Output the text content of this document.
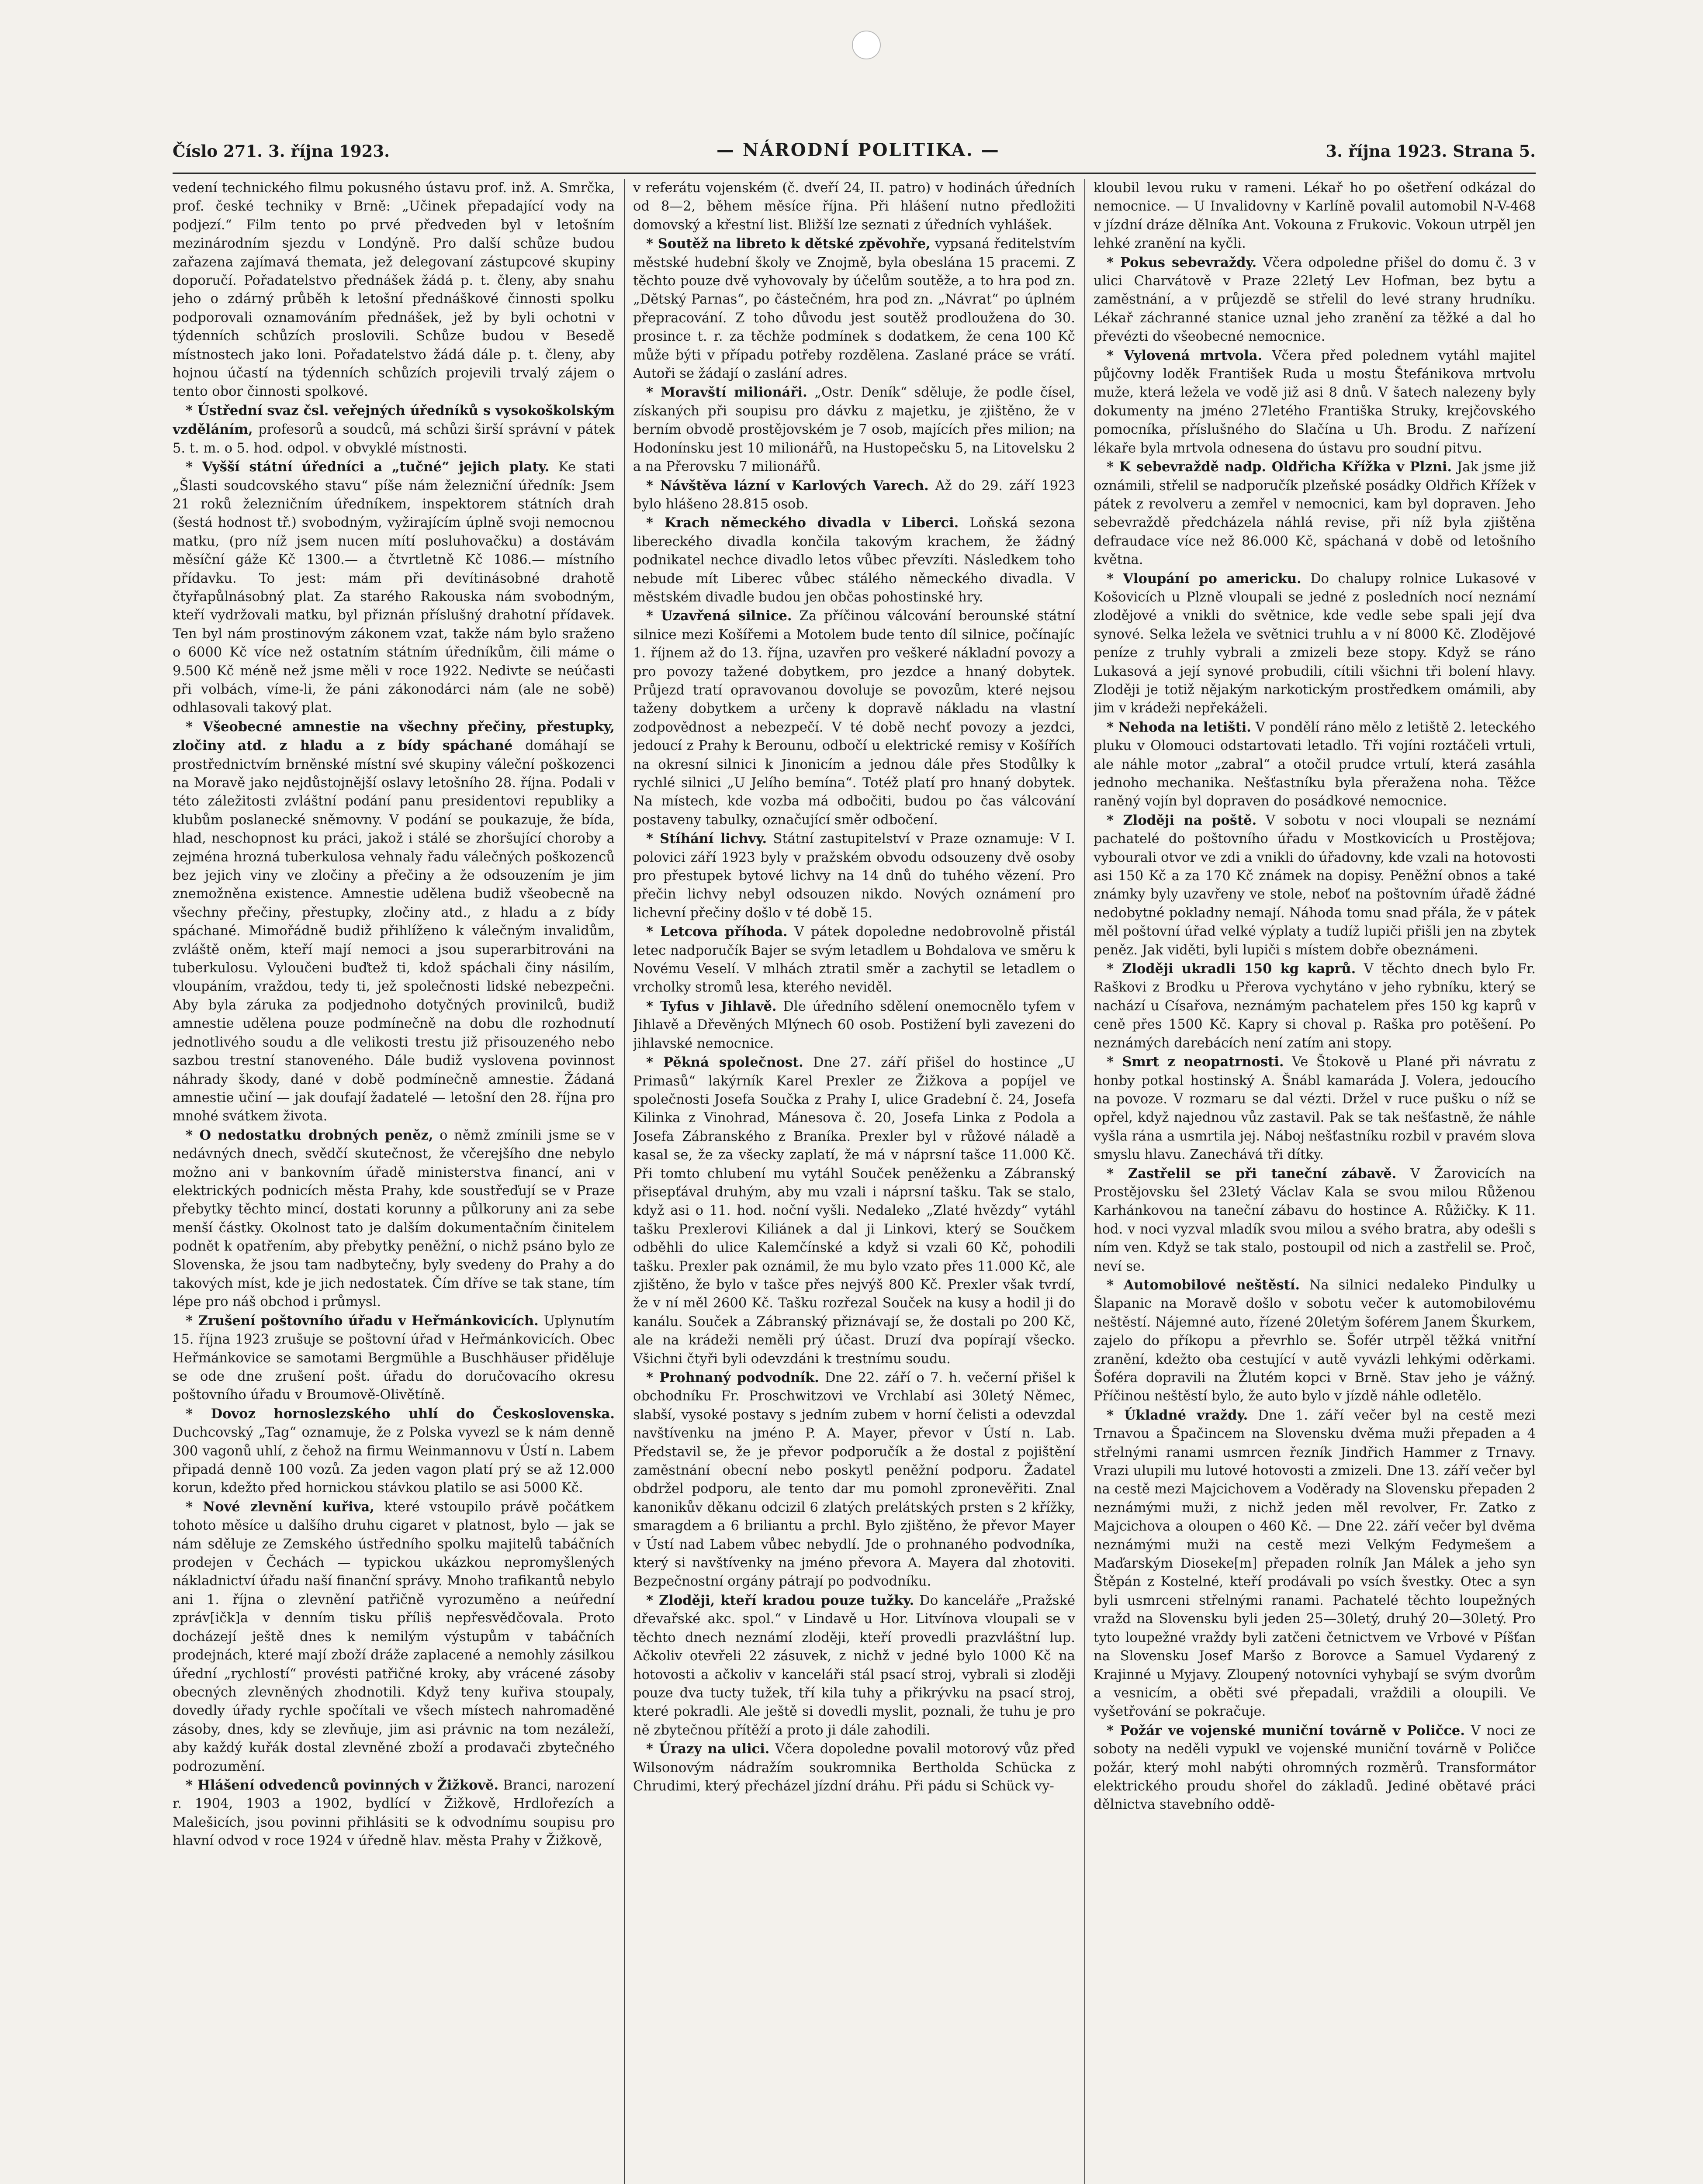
Číslo 271. 3. října 1923.	— NÁRODNÍ POLITIKA. —	3. října 1923. Strana 5.

vedení technického filmu pokusného ústavu prof. inž. A. Smrčka, prof. české techniky v Brně: „Učinek přepadající vody na podjezí.“ Film tento po prvé předveden byl v letošním mezinárodním sjezdu v Londýně. Pro další schůze budou zařazena zajímavá themata, jež delegovaní zástupcové skupiny doporučí. Pořadatelstvo přednášek žádá p. t. členy, aby snahu jeho o zdárný průběh k letošní přednáškové činnosti spolku podporovali oznamováním přednášek, jež by byli ochotni v týdenních schůzích proslovili. Schůze budou v Besedě místnostech jako loni. Pořadatelstvo žádá dále p. t. členy, aby hojnou účastí na týdenních schůzích projevili trvalý zájem o tento obor činnosti spolkové.

* Ústřední svaz čsl. veřejných úředníků s vysokoškolským vzděláním, profesorů a soudců, má schůzi širší správní v pátek 5. t. m. o 5. hod. odpol. v obvyklé místnosti.

* Vyšší státní úředníci a „tučné“ jejich platy. Ke stati „Šlasti soudcovského stavu“ píše nám železniční úředník: Jsem 21 roků železničním úředníkem, inspektorem státních drah (šestá hodnost tř.) svobodným, vyžirajícím úplně svoji nemocnou matku, (pro níž jsem nucen mítí posluhovačku) a dostávám měsíční gáže Kč 1300.— a čtvrtletně Kč 1086.— místního přídavku. To jest: mám při devítinásobné drahotě čtyřapůlnásobný plat. Za starého Rakouska nám svobodným, kteří vydržovali matku, byl přiznán příslušný drahotní přídavek. Ten byl nám prostinovým zákonem vzat, takže nám bylo sraženo o 6000 Kč více než ostatním státním úředníkům, čili máme o 9.500 Kč méně než jsme měli v roce 1922. Nedivte se neúčasti při volbách, víme-li, že páni zákonodárci nám (ale ne sobě) odhlasovali takový plat.

* Všeobecné amnestie na všechny přečiny, přestupky, zločiny atd. z hladu a z bídy spáchané domáhají se prostřednictvím brněnské místní své skupiny váleční poškozenci na Moravě jako nejdůstojnější oslavy letošního 28. října. Podali v této záležitosti zvláštní podání panu presidentovi republiky a klubům poslanecké sněmovny. V podání se poukazuje, že bída, hlad, neschopnost ku práci, jakož i stálé se zhoršující choroby a zejména hrozná tuberkulosa vehnaly řadu válečných poškozenců bez jejich viny ve zločiny a přečiny a že odsouzením je jim znemožněna existence. Amnestie udělena budiž všeobecně na všechny přečiny, přestupky, zločiny atd., z hladu a z bídy spáchané. Mimořádně budiž přihlíženo k válečným invalidům, zvláště oněm, kteří mají nemoci a jsou superarbitrováni na tuberkulosu. Vyloučeni buďtež ti, kdož spáchali činy násilím, vloupáním, vraždou, tedy ti, jež společnosti lidské nebezpečni. Aby byla záruka za podjednoho dotyčných provinilců, budiž amnestie udělena pouze podmínečně na dobu dle rozhodnutí jednotlivého soudu a dle velikosti trestu již přisouzeného nebo sazbou trestní stanoveného. Dále budiž vyslovena povinnost náhrady škody, dané v době podmínečně amnestie. Žádaná amnestie učiní — jak doufají žadatelé — letošní den 28. října pro mnohé svátkem života.

* O nedostatku drobných peněz, o němž zmínili jsme se v nedávných dnech, svědčí skutečnost, že včerejšího dne nebylo možno ani v bankovním úřadě ministerstva financí, ani v elektrických podnicích města Prahy, kde soustřeďují se v Praze přebytky těchto mincí, dostati korunny a půlkoruny ani za sebe menší částky. Okolnost tato je dalším dokumentačním činitelem podnět k opatřením, aby přebytky peněžní, o nichž psáno bylo ze Slovenska, že jsou tam nadbytečny, byly svedeny do Prahy a do takových míst, kde je jich nedostatek. Čím dříve se tak stane, tím lépe pro náš obchod i průmysl.

* Zrušení poštovního úřadu v Heřmánkovicích. Uplynutím 15. října 1923 zrušuje se poštovní úřad v Heřmánkovicích. Obec Heřmánkovice se samotami Bergmühle a Buschhäuser přiděluje se ode dne zrušení pošt. úřadu do doručovacího okresu poštovního úřadu v Broumově-Olivětíně.

* Dovoz hornoslezského uhlí do Československa. Duchcovský „Tag“ oznamuje, že z Polska vyvezl se k nám denně 300 vagonů uhlí, z čehož na firmu Weinmannovu v Ústí n. Labem připadá denně 100 vozů. Za jeden vagon platí prý se až 12.000 korun, kdežto před hornickou stávkou platilo se asi 5000 Kč.

* Nové zlevnění kuřiva, které vstoupilo právě počátkem tohoto měsíce u dalšího druhu cigaret v platnost, bylo — jak se nám sděluje ze Zemského ústředního spolku majitelů tabáčních prodejen v Čechách — typickou ukázkou nepromyšlených nákladnictví úřadu naší finanční správy. Mnoho trafikantů nebylo ani 1. října o zlevnění patřičně vyrozuměno a neúřední zpráv[ičk]a v denním tisku příliš nepřesvědčovala. Proto docházejí ještě dnes k nemilým výstupům v tabáčních prodejnách, které mají zboží dráže zaplacené a nemohly zásilkou úřední „rychlostí“ provésti patřičné kroky, aby vrácené zásoby obecných zlevněných zhodnotili. Když teny kuřiva stoupaly, dovedly úřady rychle spočítali ve všech místech nahromaděné zásoby, dnes, kdy se zlevňuje, jim asi právnic na tom nezáleží, aby každý kuřák dostal zlevněné zboží a prodavači zbytečného podrozumění.

* Hlášení odvedenců povinných v Žižkově. Branci, narození r. 1904, 1903 a 1902, bydlící v Žižkově, Hrdlořezích a Malešicích, jsou povinni přihlásiti se k odvodnímu soupisu pro hlavní odvod v roce 1924 v úředně hlav. města Prahy v Žižkově,

v referátu vojenském (č. dveří 24, II. patro) v hodinách úředních od 8—2, během měsíce října. Při hlášení nutno předložiti domovský a křestní list. Bližší lze seznati z úředních vyhlášek.

* Soutěž na libreto k dětské zpěvohře, vypsaná ředitelstvím městské hudební školy ve Znojmě, byla obeslána 15 pracemi. Z těchto pouze dvě vyhovovaly by účelům soutěže, a to hra pod zn. „Dětský Parnas“, po částečném, hra pod zn. „Návrat“ po úplném přepracování. Z toho důvodu jest soutěž prodloužena do 30. prosince t. r. za těchže podmínek s dodatkem, že cena 100 Kč může býti v případu potřeby rozdělena. Zaslané práce se vrátí. Autoři se žádají o zaslání adres.

* Moravští milionáři. „Ostr. Deník“ sděluje, že podle čísel, získaných při soupisu pro dávku z majetku, je zjištěno, že v berním obvodě prostějovském je 7 osob, majících přes milion; na Hodonínsku jest 10 milionářů, na Hustopečsku 5, na Litovelsku 2 a na Přerovsku 7 milionářů.

* Návštěva lázní v Karlových Varech. Až do 29. září 1923 bylo hlášeno 28.815 osob.

* Krach německého divadla v Liberci. Loňská sezona libereckého divadla končila takovým krachem, že žádný podnikatel nechce divadlo letos vůbec převzíti. Následkem toho nebude mít Liberec vůbec stálého německého divadla. V městském divadle budou jen občas pohostinské hry.

* Uzavřená silnice. Za příčinou válcování berounské státní silnice mezi Košířemi a Motolem bude tento díl silnice, počínajíc 1. říjnem až do 13. října, uzavřen pro veškeré nákladní povozy a pro povozy tažené dobytkem, pro jezdce a hnaný dobytek. Průjezd tratí opravovanou dovoluje se povozům, které nejsou taženy dobytkem a určeny k dopravě nákladu na vlastní zodpovědnost a nebezpečí. V té době nechť povozy a jezdci, jedoucí z Prahy k Berounu, odbočí u elektrické remisy v Košířích na okresní silnici k Jinonicím a jednou dále přes Stodůlky k rychlé silnici „U Jelího bemína“. Totéž platí pro hnaný dobytek. Na místech, kde vozba má odbočiti, budou po čas válcování postaveny tabulky, označující směr odbočení.

* Stíhání lichvy. Státní zastupitelství v Praze oznamuje: V I. polovici září 1923 byly v pražském obvodu odsouzeny dvě osoby pro přestupek bytové lichvy na 14 dnů do tuhého vězení. Pro přečin lichvy nebyl odsouzen nikdo. Nových oznámení pro lichevní přečiny došlo v té době 15.

* Letcova příhoda. V pátek dopoledne nedobrovolně přistál letec nadporučík Bajer se svým letadlem u Bohdalova ve směru k Novému Veselí. V mlhách ztratil směr a zachytil se letadlem o vrcholky stromů lesa, kterého neviděl.

* Tyfus v Jihlavě. Dle úředního sdělení onemocnělo tyfem v Jihlavě a Dřevěných Mlýnech 60 osob. Postižení byli zavezeni do jihlavské nemocnice.

* Pěkná společnost. Dne 27. září přišel do hostince „U Primasů“ lakýrník Karel Prexler ze Žižkova a popíjel ve společnosti Josefa Součka z Prahy I, ulice Gradební č. 24, Josefa Kilinka z Vinohrad, Mánesova č. 20, Josefa Linka z Podola a Josefa Zábranského z Braníka. Prexler byl v růžové náladě a kasal se, že za všecky zaplatí, že má v náprsní tašce 11.000 Kč. Při tomto chlubení mu vytáhl Souček peněženku a Zábranský přisepťával druhým, aby mu vzali i náprsní tašku. Tak se stalo, když asi o 11. hod. noční vyšli. Nedaleko „Zlaté hvězdy“ vytáhl tašku Prexlerovi Kiliánek a dal ji Linkovi, který se Součkem odběhli do ulice Kalemčínské a když si vzali 60 Kč, pohodili tašku. Prexler pak oznámil, že mu bylo vzato přes 11.000 Kč, ale zjištěno, že bylo v tašce přes nejvýš 800 Kč. Prexler však tvrdí, že v ní měl 2600 Kč. Tašku rozřezal Souček na kusy a hodil ji do kanálu. Souček a Zábranský přiznávají se, že dostali po 200 Kč, ale na krádeži neměli prý účast. Druzí dva popírají všecko. Všichni čtyři byli odevzdáni k trestnímu soudu.

* Prohnaný podvodník. Dne 22. září o 7. h. večerní přišel k obchodníku Fr. Proschwitzovi ve Vrchlabí asi 30letý Němec, slabší, vysoké postavy s jedním zubem v horní čelisti a odevzdal navštívenku na jméno P. A. Mayer, převor v Ústí n. Lab. Představil se, že je převor podporučík a že dostal z pojištění zaměstnání obecní nebo poskytl peněžní podporu. Žadatel obdržel podporu, ale tento dar mu pomohl zpronevěřiti. Znal kanonikův děkanu odcizil 6 zlatých prelátských prsten s 2 křížky, smaragdem a 6 briliantu a prchl. Bylo zjištěno, že převor Mayer v Ústí nad Labem vůbec nebydlí. Jde o prohnaného podvodníka, který si navštívenky na jméno převora A. Mayera dal zhotoviti. Bezpečnostní orgány pátrají po podvodníku.

* Zloději, kteří kradou pouze tužky. Do kanceláře „Pražské dřevařské akc. spol.“ v Lindavě u Hor. Litvínova vloupali se v těchto dnech neznámí zloději, kteří provedli prazvláštní lup. Ačkoliv otevřeli 22 zásuvek, z nichž v jedné bylo 1000 Kč na hotovosti a ačkoliv v kanceláři stál psací stroj, vybrali si zloději pouze dva tucty tužek, tří kila tuhy a přikrývku na psací stroj, které pokradli. Ale ještě si dovedli myslit, poznali, že tuhu je pro ně zbytečnou přítěží a proto ji dále zahodili.

* Úrazy na ulici. Včera dopoledne povalil motorový vůz před Wilsonovým nádražím soukromnika Bertholda Schücka z Chrudimi, který přecházel jízdní dráhu. Při pádu si Schück vy-

kloubil levou ruku v rameni. Lékař ho po ošetření odkázal do nemocnice. — U Invalidovny v Karlíně povalil automobil N-V-468 v jízdní dráze dělníka Ant. Vokouna z Frukovic. Vokoun utrpěl jen lehké zranění na kyčli.

* Pokus sebevraždy. Včera odpoledne přišel do domu č. 3 v ulici Charvátově v Praze 22letý Lev Hofman, bez bytu a zaměstnání, a v průjezdě se střelil do levé strany hrudníku. Lékař záchranné stanice uznal jeho zranění za těžké a dal ho převézti do všeobecné nemocnice.

* Vylovená mrtvola. Včera před polednem vytáhl majitel půjčovny loděk František Ruda u mostu Štefánikova mrtvolu muže, která ležela ve vodě již asi 8 dnů. V šatech nalezeny byly dokumenty na jméno 27letého Františka Struky, krejčovského pomocníka, příslušného do Slačína u Uh. Brodu. Z nařízení lékaře byla mrtvola odnesena do ústavu pro soudní pitvu.

* K sebevraždě nadp. Oldřicha Křížka v Plzni. Jak jsme již oznámili, střelil se nadporučík plzeňské posádky Oldřich Křížek v pátek z revolveru a zemřel v nemocnici, kam byl dopraven. Jeho sebevraždě předcházela náhlá revise, při níž byla zjištěna defraudace více než 86.000 Kč, spáchaná v době od letošního května.

* Vloupání po americku. Do chalupy rolnice Lukasové v Košovicích u Plzně vloupali se jedné z posledních nocí neznámí zlodějové a vnikli do světnice, kde vedle sebe spali její dva synové. Selka ležela ve světnici truhlu a v ní 8000 Kč. Zlodějové peníze z truhly vybrali a zmizeli beze stopy. Když se ráno Lukasová a její synové probudili, cítili všichni tři bolení hlavy. Zloději je totiž nějakým narkotickým prostředkem omámili, aby jim v krádeži nepřekáželi.

* Nehoda na letišti. V pondělí ráno mělo z letiště 2. leteckého pluku v Olomouci odstartovati letadlo. Tři vojíni roztáčeli vrtuli, ale náhle motor „zabral“ a otočil prudce vrtulí, která zasáhla jednoho mechanika. Nešťastníku byla přeražena noha. Těžce raněný vojín byl dopraven do posádkové nemocnice.

* Zloději na poště. V sobotu v noci vloupali se neznámí pachatelé do poštovního úřadu v Mostkovicích u Prostějova; vybourali otvor ve zdi a vnikli do úřadovny, kde vzali na hotovosti asi 150 Kč a za 170 Kč známek na dopisy. Peněžní obnos a také známky byly uzavřeny ve stole, neboť na poštovním úřadě žádné nedobytné pokladny nemají. Náhoda tomu snad přála, že v pátek měl poštovní úřad velké výplaty a tudíž lupiči přišli jen na zbytek peněz. Jak viděti, byli lupiči s místem dobře obeznámeni.

* Zloději ukradli 150 kg kaprů. V těchto dnech bylo Fr. Raškovi z Brodku u Přerova vychytáno v jeho rybníku, který se nachází u Císařova, neznámým pachatelem přes 150 kg kaprů v ceně přes 1500 Kč. Kapry si choval p. Raška pro potěšení. Po neznámých darebácích není zatím ani stopy.

* Smrt z neopatrnosti. Ve Štokově u Plané při návratu z honby potkal hostinský A. Šnábl kamaráda J. Volera, jedoucího na povoze. V rozmaru se dal vézti. Držel v ruce pušku o níž se opřel, když najednou vůz zastavil. Pak se tak nešťastně, že náhle vyšla rána a usmrtila jej. Náboj nešťastníku rozbil v pravém slova smyslu hlavu. Zanechává tři dítky.

* Zastřelil se při taneční zábavě. V Žarovicích na Prostějovsku šel 23letý Václav Kala se svou milou Růženou Karhánkovou na taneční zábavu do hostince A. Růžičky. K 11. hod. v noci vyzval mladík svou milou a svého bratra, aby odešli s ním ven. Když se tak stalo, postoupil od nich a zastřelil se. Proč, neví se.

* Automobilové neštěstí. Na silnici nedaleko Pindulky u Šlapanic na Moravě došlo v sobotu večer k automobilovému neštěstí. Nájemné auto, řízené 20letým šoférem Janem Škurkem, zajelo do příkopu a převrhlo se. Šofér utrpěl těžká vnitřní zranění, kdežto oba cestující v autě vyvázli lehkými oděrkami. Šoféra dopravili na Žlutém kopci v Brně. Stav jeho je vážný. Příčinou neštěstí bylo, že auto bylo v jízdě náhle odletělo.

* Úkladné vraždy. Dne 1. září večer byl na cestě mezi Trnavou a Špačincem na Slovensku dvěma muži přepaden a 4 střelnými ranami usmrcen řezník Jindřich Hammer z Trnavy. Vrazi ulupili mu lutové hotovosti a zmizeli. Dne 13. září večer byl na cestě mezi Majcichovem a Voděrady na Slovensku přepaden 2 neznámými muži, z nichž jeden měl revolver, Fr. Zatko z Majcichova a oloupen o 460 Kč. — Dne 22. září večer byl dvěma neznámými muži na cestě mezi Velkým Fedymešem a Maďarským Dioseke[m] přepaden rolník Jan Málek a jeho syn Štěpán z Kostelné, kteří prodávali po vsích švestky. Otec a syn byli usmrceni střelnými ranami. Pachatelé těchto loupežných vražd na Slovensku byli jeden 25—30letý, druhý 20—30letý. Pro tyto loupežné vraždy byli zatčeni četnictvem ve Vrbové v Píšťan na Slovensku Josef Maršo z Borovce a Samuel Vydarený z Krajinné u Myjavy. Zloupený notovníci vyhybají se svým dvorům a vesnicím, a oběti své přepadali, vraždili a oloupili. Ve vyšetřování se pokračuje.

* Požár ve vojenské muniční továrně v Poličce. V noci ze soboty na neděli vypukl ve vojenské muniční továrně v Poličce požár, který mohl nabýti ohromných rozměrů. Transformátor elektrického proudu shořel do základů. Jediné obětavé práci dělnictva stavebního oddě-
